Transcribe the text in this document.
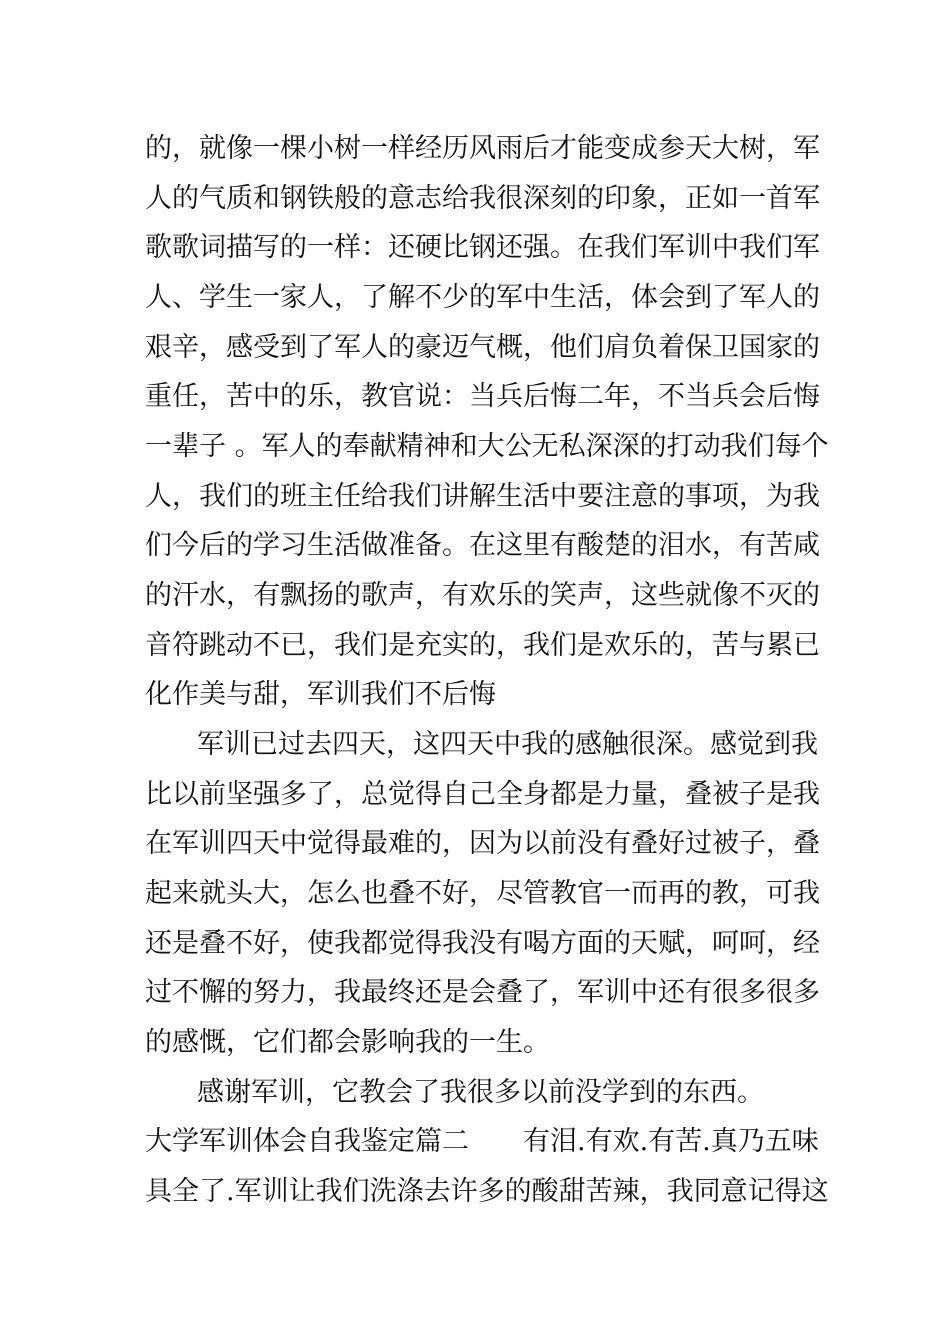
的，就像一棵小树一样经历风雨后才能变成参天大树，军
人的气质和钢铁般的意志给我很深刻的印象，正如一首军
歌歌词描写的一样：还硬比钢还强。在我们军训中我们军
人、学生一家人，了解不少的军中生活，体会到了军人的
艰辛，感受到了军人的豪迈气概，他们肩负着保卫国家的
重任，苦中的乐，教官说：当兵后悔二年，不当兵会后悔
一辈子 。军人的奉献精神和大公无私深深的打动我们每个
人，我们的班主任给我们讲解生活中要注意的事项，为我
们今后的学习生活做准备。在这里有酸楚的泪水，有苦咸
的汗水，有飘扬的歌声，有欢乐的笑声，这些就像不灭的
音符跳动不已，我们是充实的，我们是欢乐的，苦与累已
化作美与甜，军训我们不后悔
军训已过去四天，这四天中我的感触很深。感觉到我
比以前坚强多了，总觉得自己全身都是力量，叠被子是我
在军训四天中觉得最难的，因为以前没有叠好过被子，叠
起来就头大，怎么也叠不好，尽管教官一而再的教，可我
还是叠不好，使我都觉得我没有喝方面的天赋，呵呵，经
过不懈的努力，我最终还是会叠了，军训中还有很多很多
的感慨，它们都会影响我的一生。
感谢军训，它教会了我很多以前没学到的东西。
大学军训体会自我鉴定篇二　　有泪.有欢.有苦.真乃五味
具全了.军训让我们洗涤去许多的酸甜苦辣，我同意记得这
